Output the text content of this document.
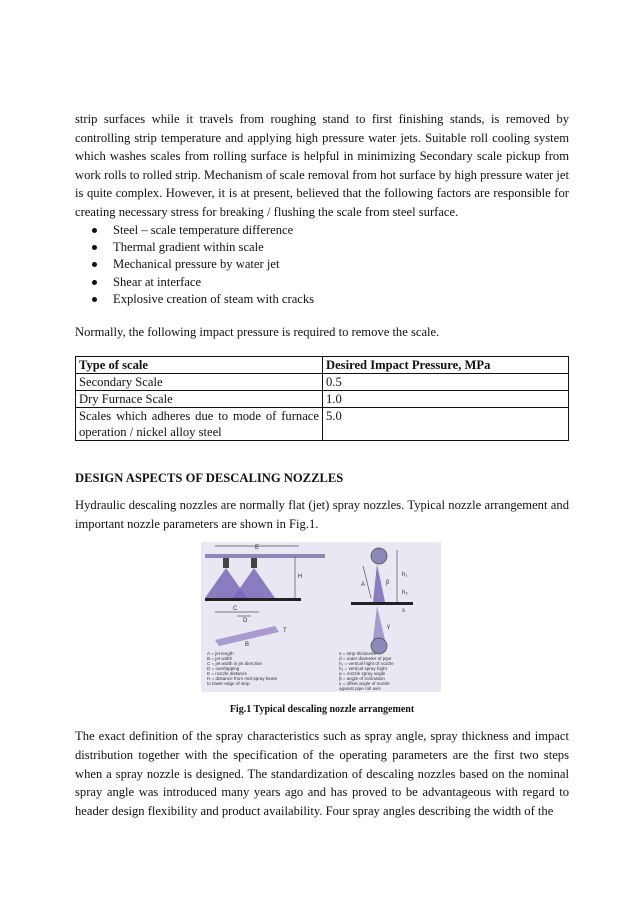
strip surfaces while it travels from roughing stand to first finishing stands, is removed by controlling strip temperature and applying high pressure water jets. Suitable roll cooling system which washes scales from rolling surface is helpful in minimizing Secondary scale pickup from work rolls to rolled strip. Mechanism of scale removal from hot surface by high pressure water jet is quite complex. However, it is at present, believed that the following factors are responsible for creating necessary stress for breaking / flushing the scale from steel surface.

Steel – scale temperature difference
Thermal gradient within scale
Mechanical pressure by water jet
Shear at interface
Explosive creation of steam with cracks

Normally, the following impact pressure is required to remove the scale.

Type of scale	Desired Impact Pressure, MPa
Secondary Scale	0.5
Dry Furnace Scale	1.0
Scales which adheres due to mode of furnace operation / nickel alloy steel	5.0
DESIGN ASPECTS OF DESCALING NOZZLES

Hydraulic descaling nozzles are normally flat (jet) spray nozzles. Typical nozzle arrangement and important nozzle parameters are shown in Fig.1.

E
H
C
D
B
T
A	β
h₁
h₂
s
γ
A = jet length
B = jet width
C = jet width in jet direction
D = overlapping
E = nozzle distance
H = distance from mid-spray beam
to lower edge of strip
s = strip thickness
d = outer diameter of pipe
h₁ = vertical hight of nozzle
h₂ = vertical spray hight
α = nozzle spray angle
β = angle of inclination
γ = offset angle of nozzle
against pipe roll axis
Fig.1 Typical descaling nozzle arrangement

The exact definition of the spray characteristics such as spray angle, spray thickness and impact distribution together with the specification of the operating parameters are the first two steps when a spray nozzle is designed. The standardization of descaling nozzles based on the nominal spray angle was introduced many years ago and has proved to be advantageous with regard to header design flexibility and product availability. Four spray angles describing the width of the
